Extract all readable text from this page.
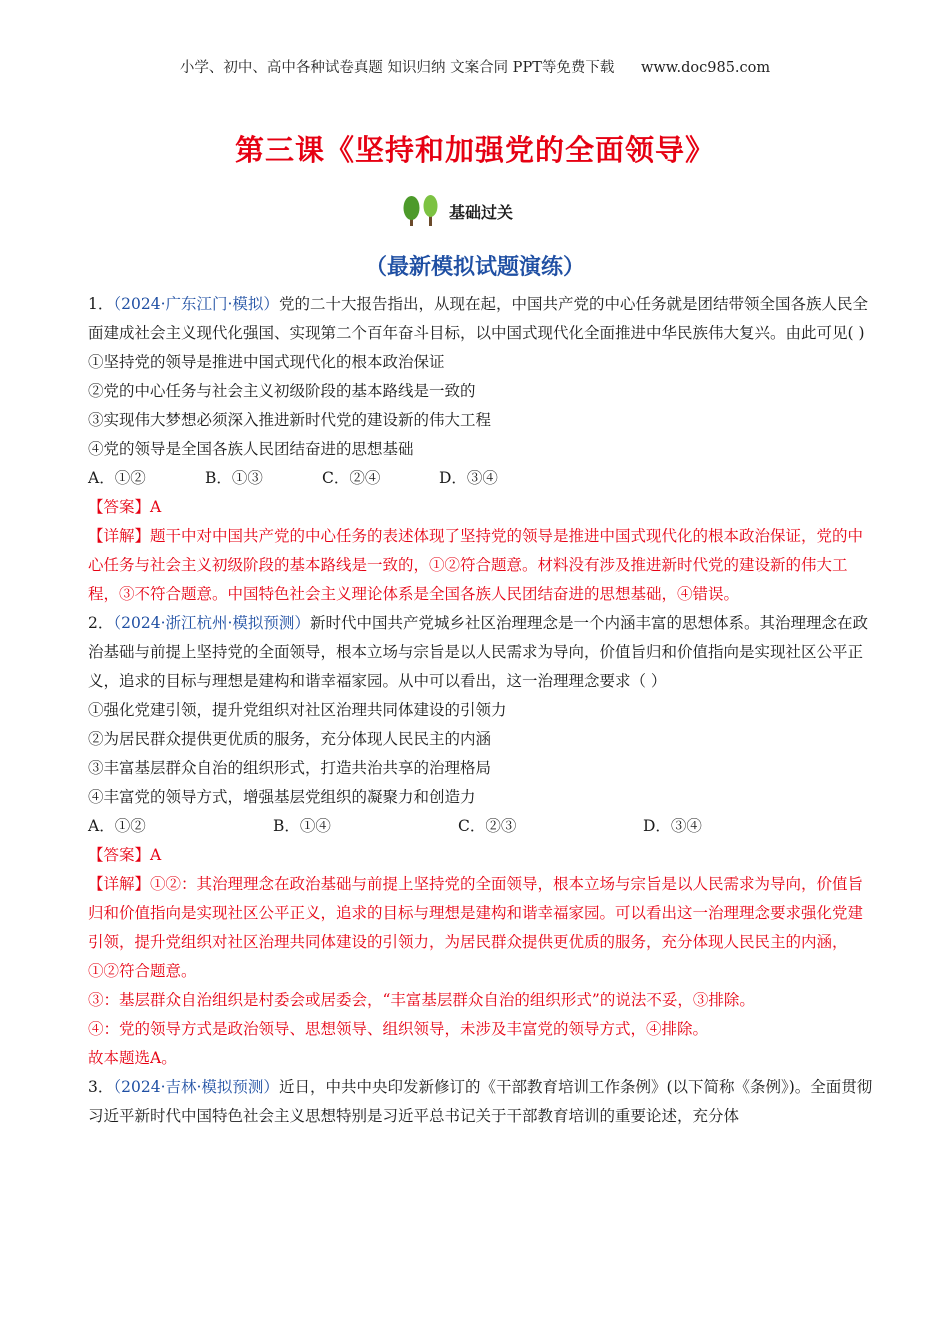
小学、初中、高中各种试卷真题 知识归纳 文案合同 PPT等免费下载 www.doc985.com
第三课《坚持和加强党的全面领导》
基础过关
（最新模拟试题演练）

1．（2024·广东江门·模拟）党的二十大报告指出，从现在起，中国共产党的中心任务就是团结带领全国各族人民全面建成社会主义现代化强国、实现第二个百年奋斗目标，以中国式现代化全面推进中华民族伟大复兴。由此可见( )

①坚持党的领导是推进中国式现代化的根本政治保证

②党的中心任务与社会主义初级阶段的基本路线是一致的

③实现伟大梦想必须深入推进新时代党的建设新的伟大工程

④党的领导是全国各族人民团结奋进的思想基础

A．①②	B．①③	C．②④	D．③④

【答案】A

【详解】题干中对中国共产党的中心任务的表述体现了坚持党的领导是推进中国式现代化的根本政治保证，党的中心任务与社会主义初级阶段的基本路线是一致的，①②符合题意。材料没有涉及推进新时代党的建设新的伟大工程，③不符合题意。中国特色社会主义理论体系是全国各族人民团结奋进的思想基础，④错误。

2．（2024·浙江杭州·模拟预测）新时代中国共产党城乡社区治理理念是一个内涵丰富的思想体系。其治理理念在政治基础与前提上坚持党的全面领导，根本立场与宗旨是以人民需求为导向，价值旨归和价值指向是实现社区公平正义，追求的目标与理想是建构和谐幸福家园。从中可以看出，这一治理理念要求（ ）

①强化党建引领，提升党组织对社区治理共同体建设的引领力

②为居民群众提供更优质的服务，充分体现人民民主的内涵

③丰富基层群众自治的组织形式，打造共治共享的治理格局

④丰富党的领导方式，增强基层党组织的凝聚力和创造力

A．①②	B．①④	C．②③	D．③④

【答案】A

【详解】①②：其治理理念在政治基础与前提上坚持党的全面领导，根本立场与宗旨是以人民需求为导向，价值旨归和价值指向是实现社区公平正义，追求的目标与理想是建构和谐幸福家园。可以看出这一治理理念要求强化党建引领，提升党组织对社区治理共同体建设的引领力，为居民群众提供更优质的服务，充分体现人民民主的内涵，①②符合题意。

③：基层群众自治组织是村委会或居委会，“丰富基层群众自治的组织形式”的说法不妥，③排除。

④：党的领导方式是政治领导、思想领导、组织领导，未涉及丰富党的领导方式，④排除。

故本题选A。

3．（2024·吉林·模拟预测）近日，中共中央印发新修订的《干部教育培训工作条例》(以下简称《条例》)。全面贯彻习近平新时代中国特色社会主义思想特别是习近平总书记关于干部教育培训的重要论述，充分体
